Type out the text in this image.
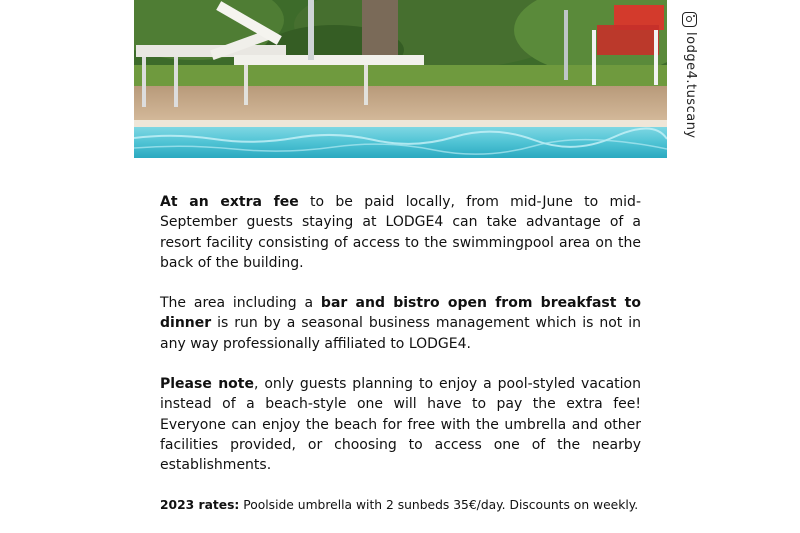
lodge4.tuscany

At an extra fee to be paid locally, from mid-June to mid-September guests staying at LODGE4 can take advantage of a resort facility consisting of access to the swimmingpool area on the back of the building.

The area including a bar and bistro open from breakfast to dinner is run by a seasonal business management which is not in any way professionally affiliated to LODGE4.

Please note, only guests planning to enjoy a pool-styled vacation instead of a beach-style one will have to pay the extra fee! Everyone can enjoy the beach for free with the umbrella and other facilities provided, or choosing to access one of the nearby establishments.

2023 rates: Poolside umbrella with 2 sunbeds 35€/day. Discounts on weekly.
